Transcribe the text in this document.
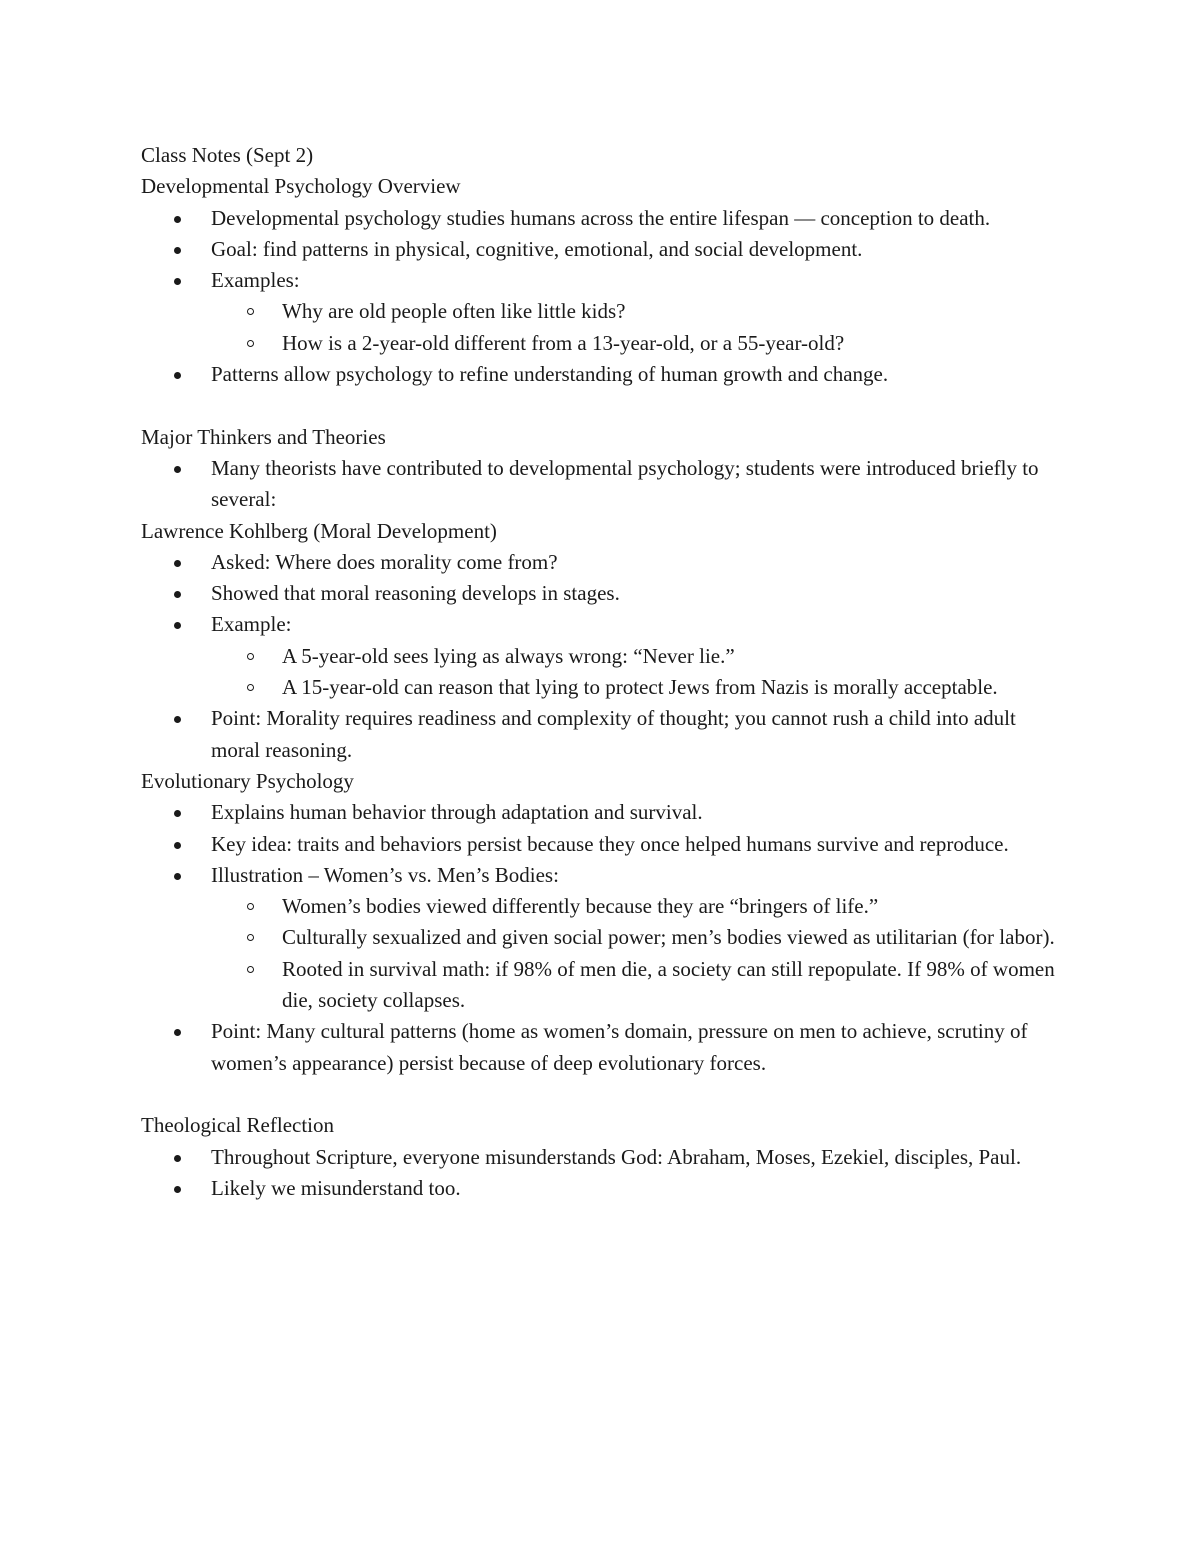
Class Notes (Sept 2)

Developmental Psychology Overview

Developmental psychology studies humans across the entire lifespan — conception to death.
Goal: find patterns in physical, cognitive, emotional, and social development.
Examples:
Why are old people often like little kids?
How is a 2-year-old different from a 13-year-old, or a 55-year-old?
Patterns allow psychology to refine understanding of human growth and change.

Major Thinkers and Theories

Many theorists have contributed to developmental psychology; students were introduced briefly to several:

Lawrence Kohlberg (Moral Development)

Asked: Where does morality come from?
Showed that moral reasoning develops in stages.
Example:
A 5-year-old sees lying as always wrong: “Never lie.”
A 15-year-old can reason that lying to protect Jews from Nazis is morally acceptable.
Point: Morality requires readiness and complexity of thought; you cannot rush a child into adult moral reasoning.

Evolutionary Psychology

Explains human behavior through adaptation and survival.
Key idea: traits and behaviors persist because they once helped humans survive and reproduce.
Illustration – Women’s vs. Men’s Bodies:
Women’s bodies viewed differently because they are “bringers of life.”
Culturally sexualized and given social power; men’s bodies viewed as utilitarian (for labor).
Rooted in survival math: if 98% of men die, a society can still repopulate. If 98% of women die, society collapses.
Point: Many cultural patterns (home as women’s domain, pressure on men to achieve, scrutiny of women’s appearance) persist because of deep evolutionary forces.

Theological Reflection

Throughout Scripture, everyone misunderstands God: Abraham, Moses, Ezekiel, disciples, Paul.
Likely we misunderstand too.
